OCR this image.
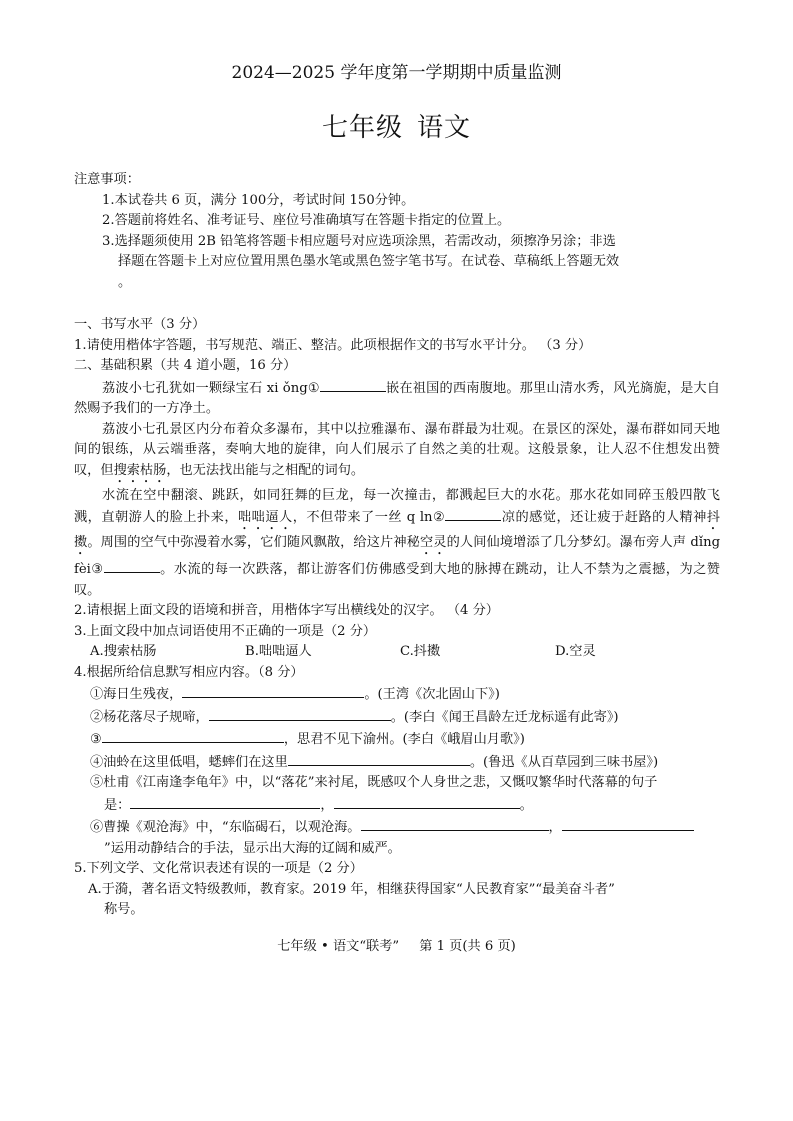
2024—2025 学年度第一学期期中质量监测
七年级 语文
注意事项：
1.本试卷共 6 页，满分 100分，考试时间 150分钟。
2.答题前将姓名、准考证号、座位号准确填写在答题卡指定的位置上。
3.选择题须使用 2B 铅笔将答题卡相应题号对应选项涂黑，若需改动，须擦净另涂；非选
择题在答题卡上对应位置用黑色墨水笔或黑色签字笔书写。在试卷、草稿纸上答题无效
。
一、书写水平（3 分）
1.请使用楷体字答题，书写规范、端正、整洁。此项根据作文的书写水平计分。 （3 分）
二、基础积累（共 4 道小题，16 分）
荔波小七孔犹如一颗绿宝石 xi ǒng①	嵌在祖国的西南腹地。那里山清水秀，风光旖旎，是大自然赐予我们的一方净土。
荔波小七孔景区内分布着众多瀑布，其中以拉雅瀑布、瀑布群最为壮观。在景区的深处，瀑布群如同天地间的银练，从云端垂落，奏响大地的旋律，向人们展示了自然之美的壮观。这般景象，让人忍不住想发出赞叹，但搜索枯肠，也无法找出能与之相配的词句。
水流在空中翻滚、跳跃，如同狂舞的巨龙，每一次撞击，都溅起巨大的水花。那水花如同碎玉般四散飞溅，直朝游人的脸上扑来，咄咄逼人，不但带来了一丝 q ln②	凉的感觉，还让疲于赶路的人精神抖擞。周围的空气中弥漫着水雾，它们随风飘散，给这片神秘空灵的人间仙境增添了几分梦幻。瀑布旁人声 dǐng fèi③	。水流的每一次跌落，都让游客们仿佛感受到大地的脉搏在跳动，让人不禁为之震撼，为之赞叹。
2.请根据上面文段的语境和拼音，用楷体字写出横线处的汉字。 （4 分）
3.上面文段中加点词语使用不正确的一项是（2 分）
A.搜索枯肠	B.咄咄逼人	C.抖擞	D.空灵
4.根据所给信息默写相应内容。（8 分）
①海日生残夜，	。(王湾《次北固山下》)
②杨花落尽子规啼，	。(李白《闻王昌龄左迁龙标遥有此寄》)
③	，思君不见下渝州。(李白《峨眉山月歌》)
④油蛉在这里低唱，蟋蟀们在这里	。(鲁迅《从百草园到三味书屋》)
⑤杜甫《江南逢李龟年》中，以“落花”来衬尾，既感叹个人身世之悲，又慨叹繁华时代落幕的句子
是：	，	。
⑥曹操《观沧海》中，“东临碣石，以观沧海。	，
”运用动静结合的手法，显示出大海的辽阔和威严。
5.下列文学、文化常识表述有误的一项是（2 分）
A.于漪，著名语文特级教师，教育家。2019 年，相继获得国家“人民教育家”“最美奋斗者”
称号。
七年级 • 语文“联考” 第 1 页(共 6 页)
